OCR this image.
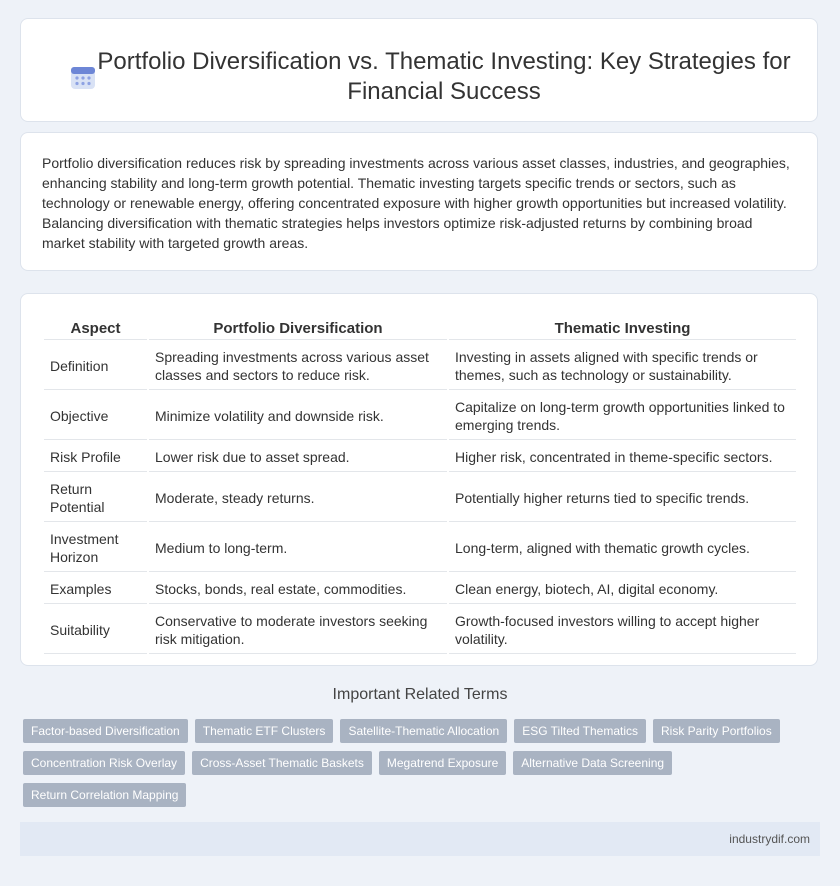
Portfolio Diversification vs. Thematic Investing: Key Strategies for Financial Success

Portfolio diversification reduces risk by spreading investments across various asset classes, industries, and geographies, enhancing stability and long-term growth potential. Thematic investing targets specific trends or sectors, such as technology or renewable energy, offering concentrated exposure with higher growth opportunities but increased volatility. Balancing diversification with thematic strategies helps investors optimize risk-adjusted returns by combining broad market stability with targeted growth areas.

Aspect	Portfolio Diversification	Thematic Investing
Definition	Spreading investments across various asset classes and sectors to reduce risk.	Investing in assets aligned with specific trends or themes, such as technology or sustainability.
Objective	Minimize volatility and downside risk.	Capitalize on long-term growth opportunities linked to emerging trends.
Risk Profile	Lower risk due to asset spread.	Higher risk, concentrated in theme-specific sectors.
Return Potential	Moderate, steady returns.	Potentially higher returns tied to specific trends.
Investment Horizon	Medium to long-term.	Long-term, aligned with thematic growth cycles.
Examples	Stocks, bonds, real estate, commodities.	Clean energy, biotech, AI, digital economy.
Suitability	Conservative to moderate investors seeking risk mitigation.	Growth-focused investors willing to accept higher volatility.
Important Related Terms
Factor-based Diversification	Thematic ETF Clusters	Satellite-Thematic Allocation	ESG Tilted Thematics	Risk Parity Portfolios
Concentration Risk Overlay	Cross-Asset Thematic Baskets	Megatrend Exposure	Alternative Data Screening
Return Correlation Mapping
industrydif.com
